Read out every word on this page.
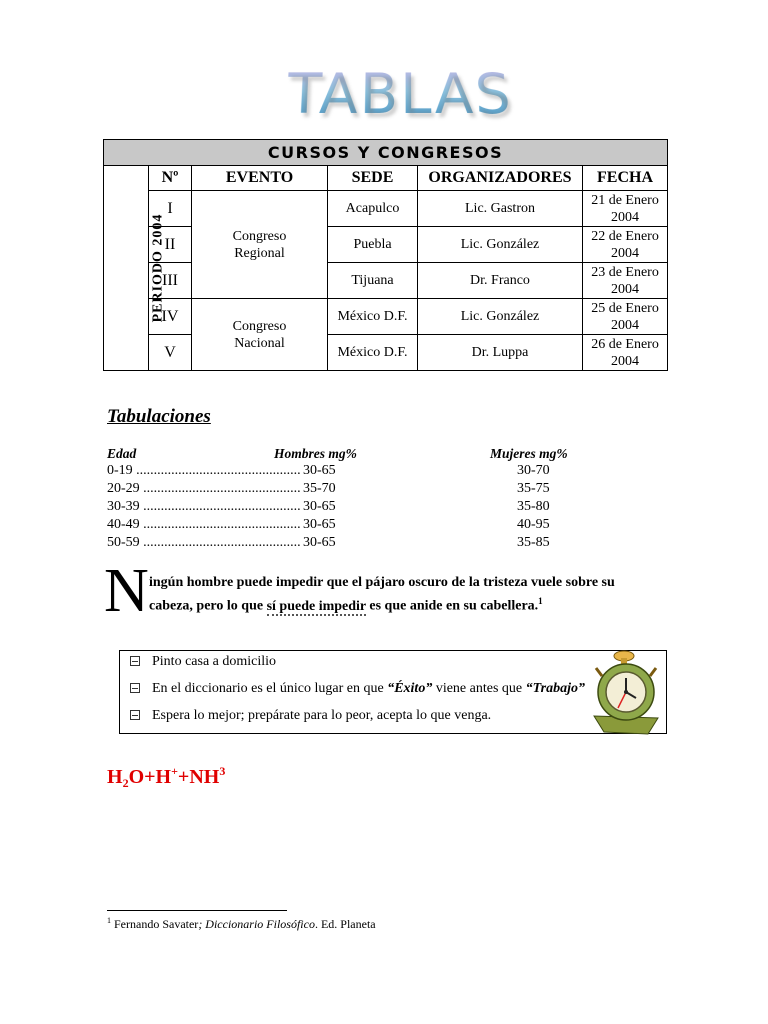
TABLAS
CURSOS Y CONGRESOS					
PERIODO 2004	Nº	EVENTO	SEDE	ORGANIZADORES	FECHA
	I	Congreso Regional	Acapulco	Lic. Gastron	21 de Enero 2004
	II		Puebla	Lic. González	22 de Enero 2004
	III		Tijuana	Dr. Franco	23 de Enero 2004
	IV	Congreso Nacional	México D.F.	Lic. González	25 de Enero 2004
	V		México D.F.	Dr. Luppa	26 de Enero 2004
Tabulaciones
Edad	Hombres mg%	Mujeres mg%
0-19 .....	30-65	30-70
20-29 .....	35-70	35-75
30-39 .....	30-65	35-80
40-49 .....	30-65	40-95
50-59 .....	30-65	35-85
N ingún hombre puede impedir que el pájaro oscuro de la tristeza vuele sobre su
cabeza, pero lo que sí puede impedir es que anide en su cabellera.$^1$
Pinto casa a domicilio
En el diccionario es el único lugar en que “Éxito” viene antes que “Trabajo”
Espera lo mejor; prepárate para lo peor, acepta lo que venga.
$H_2O+H^++NH^3$
$^1$ Fernando Savater; Diccionario Filosófico. Ed. Planeta
